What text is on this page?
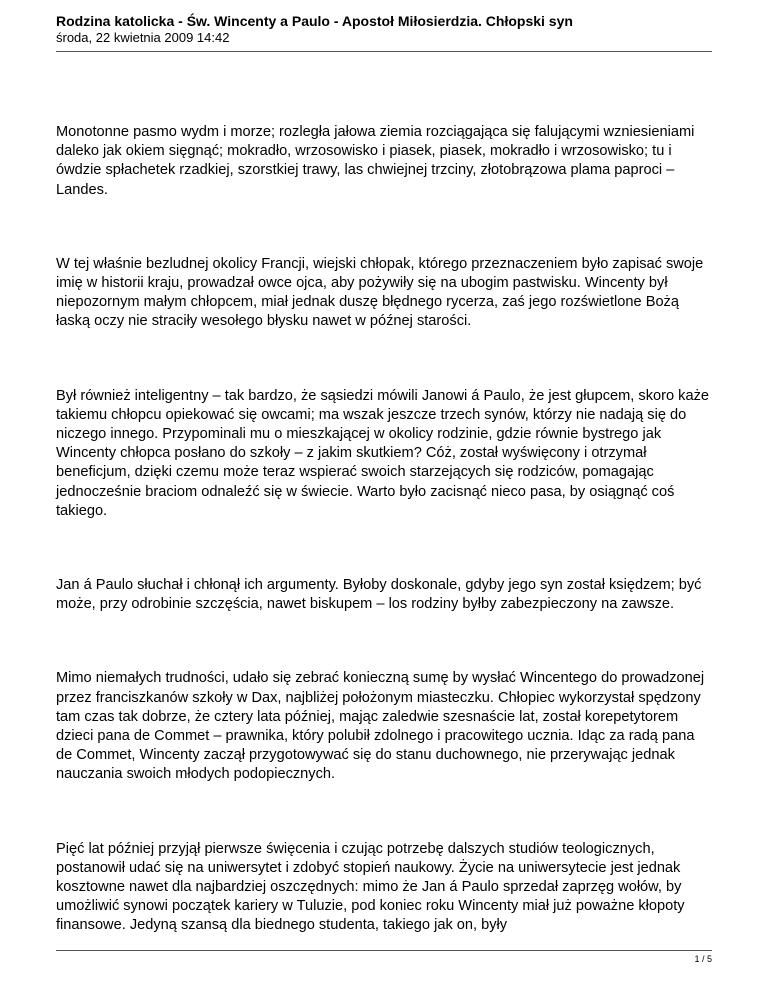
Rodzina katolicka - Św. Wincenty a Paulo - Apostoł Miłosierdzia. Chłopski syn

środa, 22 kwietnia 2009 14:42

Monotonne pasmo wydm i morze; rozległa jałowa ziemia rozciągająca się falującymi wzniesieniami daleko jak okiem sięgnąć; mokradło, wrzosowisko i piasek, piasek, mokradło i wrzosowisko; tu i ówdzie spłachetek rzadkiej, szorstkiej trawy, las chwiejnej trzciny, złotobrązowa plama paproci – Landes.

W tej właśnie bezludnej okolicy Francji, wiejski chłopak, którego przeznaczeniem było zapisać swoje imię w historii kraju, prowadzał owce ojca, aby pożywiły się na ubogim pastwisku. Wincenty był niepozornym małym chłopcem, miał jednak duszę błędnego rycerza, zaś jego rozświetlone Bożą łaską oczy nie straciły wesołego błysku nawet w późnej starości.

Był również inteligentny – tak bardzo, że sąsiedzi mówili Janowi á Paulo, że jest głupcem, skoro każe takiemu chłopcu opiekować się owcami; ma wszak jeszcze trzech synów, którzy nie nadają się do niczego innego. Przypominali mu o mieszkającej w okolicy rodzinie, gdzie równie bystrego jak Wincenty chłopca posłano do szkoły – z jakim skutkiem? Cóż, został wyświęcony i otrzymał beneficjum, dzięki czemu może teraz wspierać swoich starzejących się rodziców, pomagając jednocześnie braciom odnaleźć się w świecie. Warto było zacisnąć nieco pasa, by osiągnąć coś takiego.

Jan á Paulo słuchał i chłonął ich argumenty. Byłoby doskonale, gdyby jego syn został księdzem; być może, przy odrobinie szczęścia, nawet biskupem – los rodziny byłby zabezpieczony na zawsze.

Mimo niemałych trudności, udało się zebrać konieczną sumę by wysłać Wincentego do prowadzonej przez franciszkanów szkoły w Dax, najbliżej położonym miasteczku. Chłopiec wykorzystał spędzony tam czas tak dobrze, że cztery lata później, mając zaledwie szesnaście lat, został korepetytorem dzieci pana de Commet – prawnika, który polubił zdolnego i pracowitego ucznia. Idąc za radą pana de Commet, Wincenty zaczął przygotowywać się do stanu duchownego, nie przerywając jednak nauczania swoich młodych podopiecznych.

Pięć lat później przyjął pierwsze święcenia i czując potrzebę dalszych studiów teologicznych, postanowił udać się na uniwersytet i zdobyć stopień naukowy. Życie na uniwersytecie jest jednak kosztowne nawet dla najbardziej oszczędnych: mimo że Jan á Paulo sprzedał zaprzęg wołów, by umożliwić synowi początek kariery w Tuluzie, pod koniec roku Wincenty miał już poważne kłopoty finansowe. Jedyną szansą dla biednego studenta, takiego jak on, były

1 / 5
